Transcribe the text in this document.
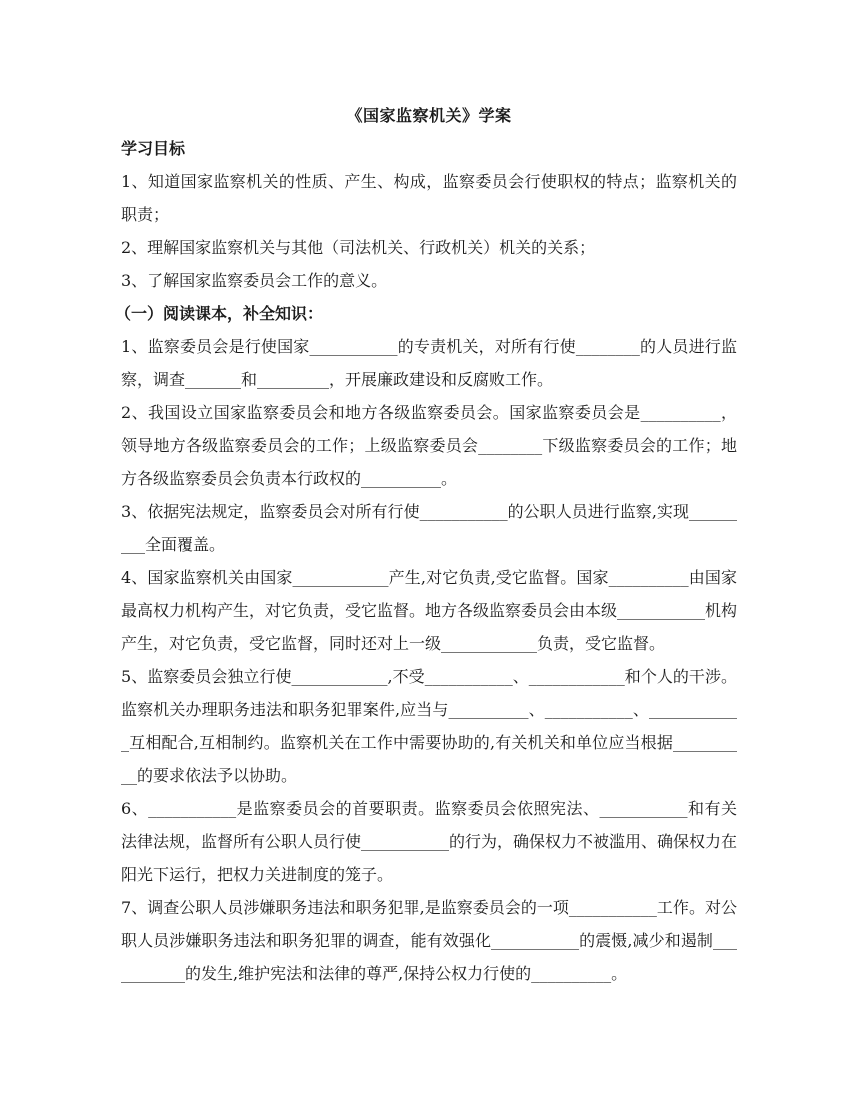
《国家监察机关》学案
学习目标
1、知道国家监察机关的性质、产生、构成，监察委员会行使职权的特点；监察机关的职责；
2、理解国家监察机关与其他（司法机关、行政机关）机关的关系；
3、了解国家监察委员会工作的意义。
（一）阅读课本，补全知识：
1、监察委员会是行使国家___________的专责机关，对所有行使________的人员进行监察，调查_______和_________，开展廉政建设和反腐败工作。
2、我国设立国家监察委员会和地方各级监察委员会。国家监察委员会是__________，领导地方各级监察委员会的工作；上级监察委员会________下级监察委员会的工作；地方各级监察委员会负责本行政权的__________。
3、依据宪法规定，监察委员会对所有行使___________的公职人员进行监察,实现_________全面覆盖。
4、国家监察机关由国家____________产生,对它负责,受它监督。国家__________由国家最高权力机构产生，对它负责，受它监督。地方各级监察委员会由本级___________机构产生，对它负责，受它监督，同时还对上一级____________负责，受它监督。
5、监察委员会独立行使____________,不受___________、____________和个人的干涉。监察机关办理职务违法和职务犯罪案件,应当与__________、___________、____________互相配合,互相制约。监察机关在工作中需要协助的,有关机关和单位应当根据__________的要求依法予以协助。
6、___________是监察委员会的首要职责。监察委员会依照宪法、___________和有关法律法规，监督所有公职人员行使___________的行为，确保权力不被滥用、确保权力在阳光下运行，把权力关进制度的笼子。
7、调查公职人员涉嫌职务违法和职务犯罪,是监察委员会的一项___________工作。对公职人员涉嫌职务违法和职务犯罪的调查，能有效强化___________的震慑,减少和遏制___________的发生,维护宪法和法律的尊严,保持公权力行使的__________。
